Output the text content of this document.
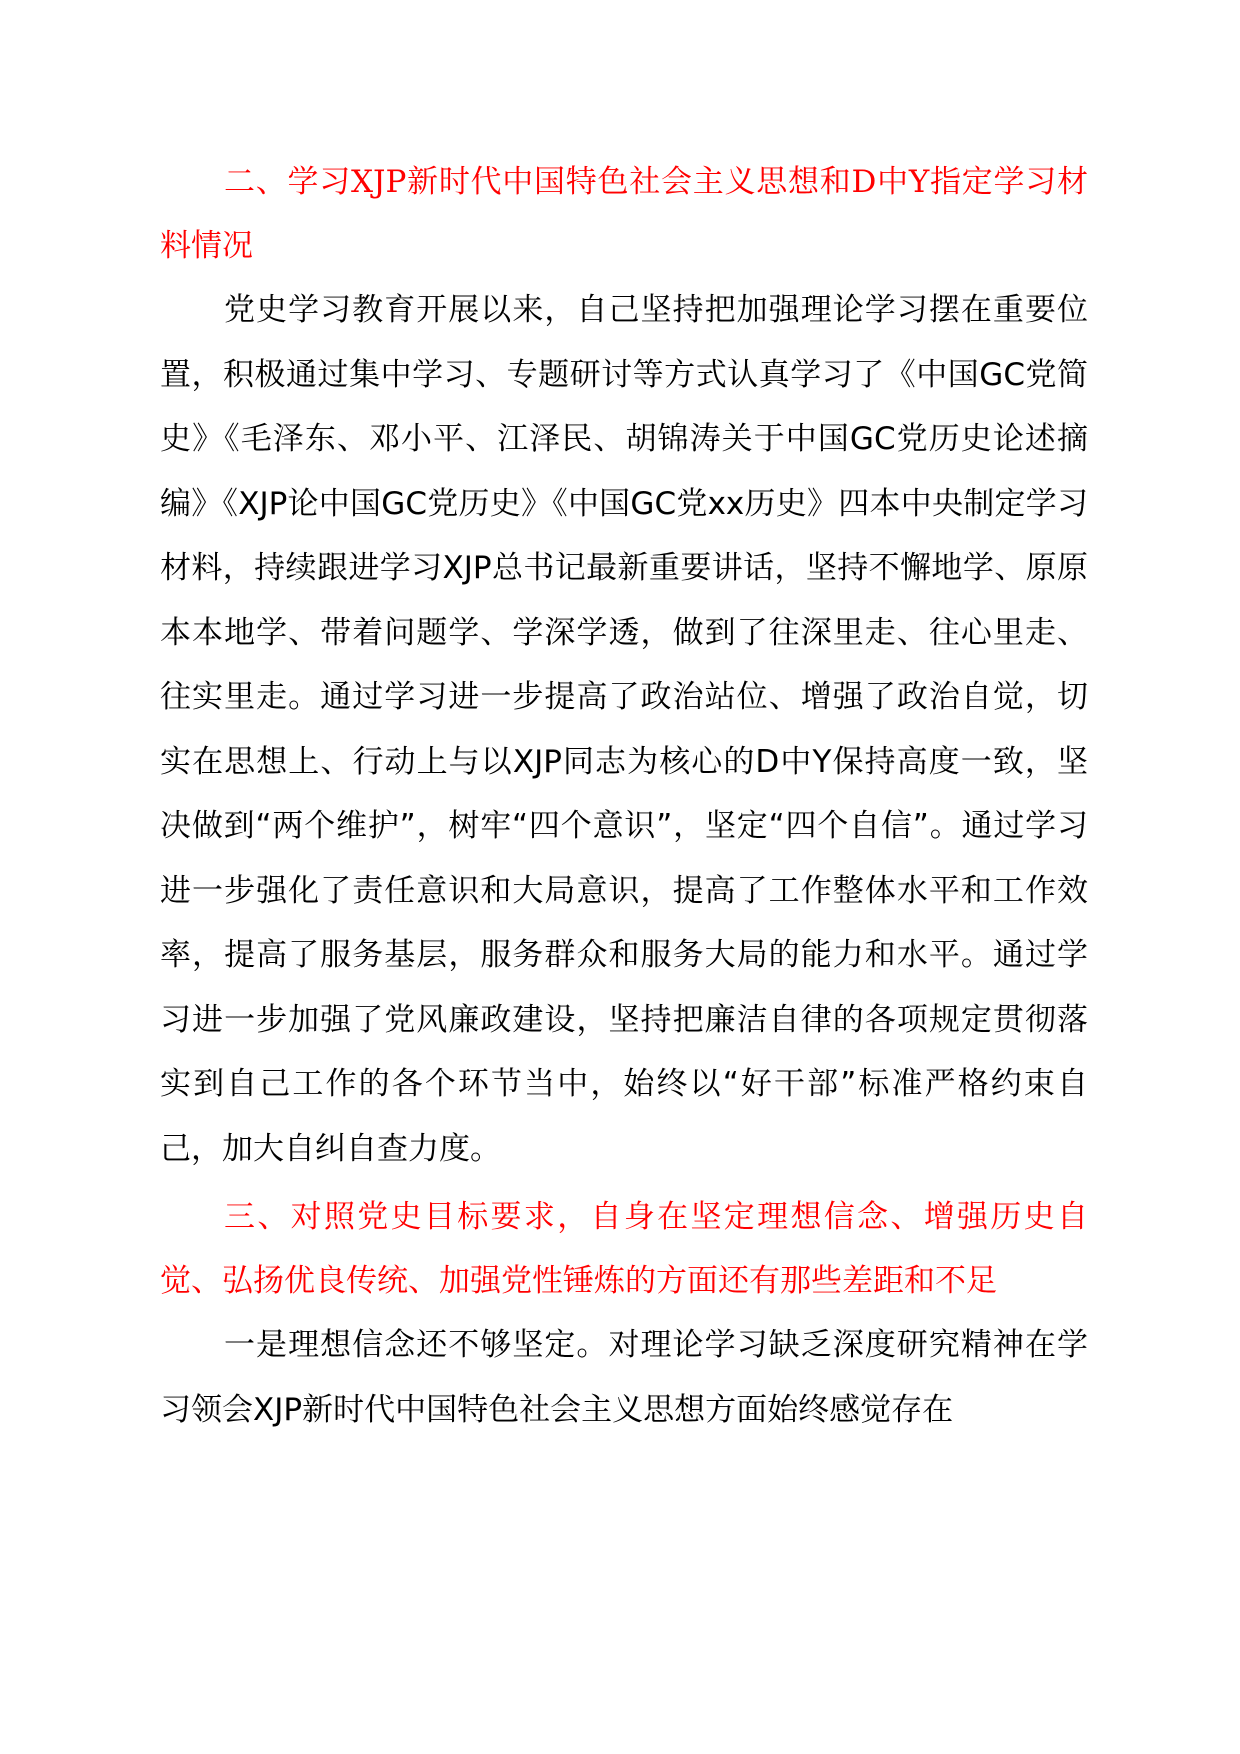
二、学习XJP新时代中国特色社会主义思想和D中Y指定学习材料情况

党史学习教育开展以来，自己坚持把加强理论学习摆在重要位置，积极通过集中学习、专题研讨等方式认真学习了《中国GC党简史》《毛泽东、邓小平、江泽民、胡锦涛关于中国GC党历史论述摘编》《XJP论中国GC党历史》《中国GC党xx历史》四本中央制定学习材料，持续跟进学习XJP总书记最新重要讲话，坚持不懈地学、原原本本地学、带着问题学、学深学透，做到了往深里走、往心里走、往实里走。通过学习进一步提高了政治站位、增强了政治自觉，切实在思想上、行动上与以XJP同志为核心的D中Y保持高度一致，坚决做到“两个维护”，树牢“四个意识”，坚定“四个自信”。通过学习进一步强化了责任意识和大局意识，提高了工作整体水平和工作效率，提高了服务基层，服务群众和服务大局的能力和水平。通过学习进一步加强了党风廉政建设，坚持把廉洁自律的各项规定贯彻落实到自己工作的各个环节当中，始终以“好干部”标准严格约束自己，加大自纠自查力度。

三、对照党史目标要求，自身在坚定理想信念、增强历史自觉、弘扬优良传统、加强党性锤炼的方面还有那些差距和不足

一是理想信念还不够坚定。对理论学习缺乏深度研究精神在学习领会XJP新时代中国特色社会主义思想方面始终感觉存在
